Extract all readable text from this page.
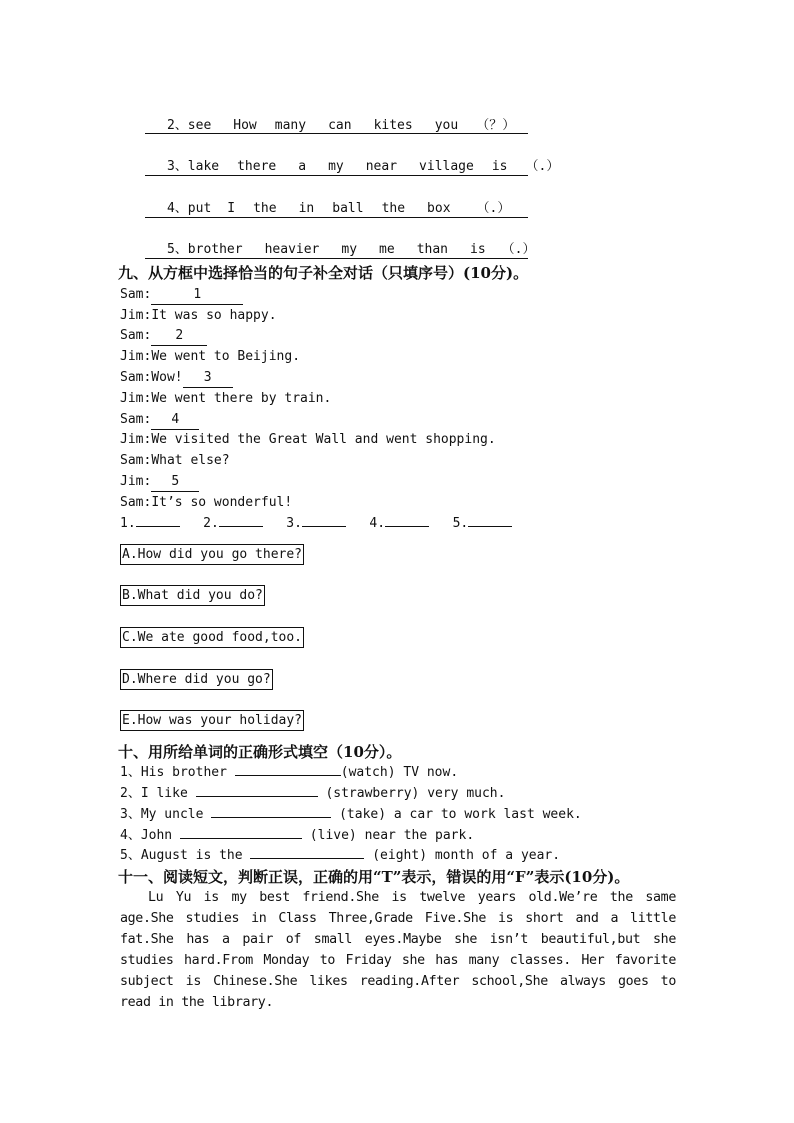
2、see How many can kites you （？）

3、lake there a my near village is （.）

4、put I the in ball the box （.）

5、brother heavier my me than is （.）

九、从方框中选择恰当的句子补全对话（只填序号）(10分)。
Sam:	1
Jim:It was so happy.
Sam: 2
Jim:We went to Beijing.
Sam:Wow! 3
Jim:We went there by train.
Sam: 4
Jim:We visited the Great Wall and went shopping.
Sam:What else?
Jim: 5
Sam:It’s so wonderful!
1.	2.	3.	4.	5.
A.How did you go there?
B.What did you do?
C.We ate good food,too.
D.Where did you go?
E.How was your holiday?
十、用所给单词的正确形式填空（10分）。
1、His brother	(watch) TV now.
2、I like	(strawberry) very much.
3、My uncle	(take) a car to work last week.
4、John	(live) near the park.
5、August is the	(eight) month of a year.
十一、阅读短文，判断正误，正确的用“T”表示，错误的用“F”表示(10分)。
Lu Yu is my best friend.She is twelve years old.We’re the same age.She studies in Class Three,Grade Five.She is short and a little fat.She has a pair of small eyes.Maybe she isn’t beautiful,but she studies hard.From Monday to Friday she has many classes. Her favorite subject is Chinese.She likes reading.After school,She always goes to read in the library.
